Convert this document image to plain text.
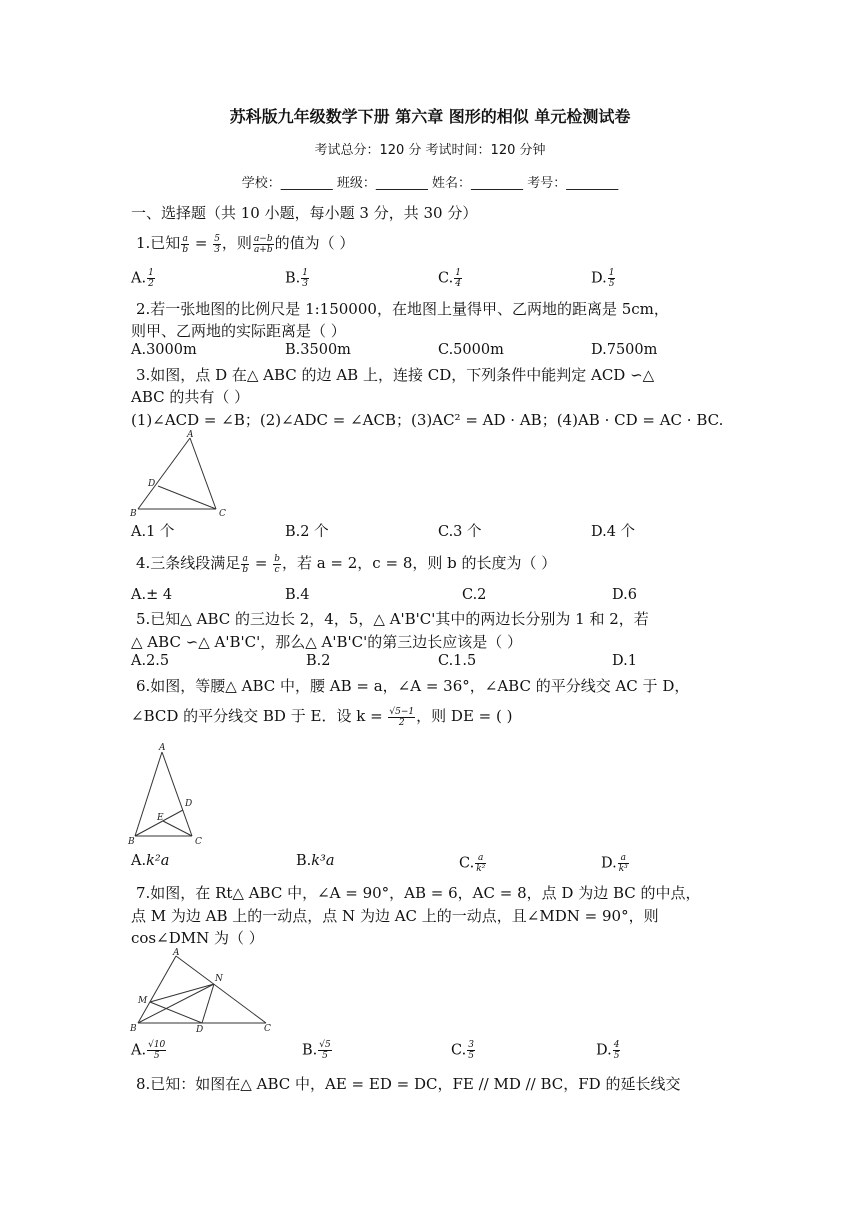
苏科版九年级数学下册 第六章 图形的相似 单元检测试卷
考试总分：120 分 考试时间：120 分钟
学校：________ 班级：________ 姓名：________ 考号：________
一、选择题（共 10 小题，每小题 3 分，共 30 分）
1.已知 $\frac{a}{b} = \frac{5}{3}$ ，则 $\frac{a-b}{a+b}$ 的值为（ ）
A. $\frac{1}{2}$	B. $\frac{1}{3}$	C. $\frac{1}{4}$	D. $\frac{1}{5}$
2.若一张地图的比例尺是 1:150000，在地图上量得甲、乙两地的距离是 5cm，
则甲、乙两地的实际距离是（ ）
A.3000m	B.3500m	C.5000m	D.7500m
3.如图，点 D 在△ ABC 的边 AB 上，连接 CD，下列条件中能判定 ACD ∽△
ABC 的共有（ ）
(1)∠ACD = ∠B；(2)∠ADC = ∠ACB；(3)AC² = AD · AB；(4)AB · CD = AC · BC.
A
B	C
D
A.1 个	B.2 个	C.3 个	D.4 个
4.三条线段满足 $\frac{a}{b} = \frac{b}{c}$ ，若 a = 2，c = 8，则 b 的长度为（ ）
A.± 4	B.4	C.2	D.6
5.已知△ ABC 的三边长 2，4，5，△ A'B'C'其中的两边长分别为 1 和 2，若
△ ABC ∽△ A'B'C'，那么△ A'B'C'的第三边长应该是（ ）
A.2.5	B.2	C.1.5	D.1
6.如图，等腰△ ABC 中，腰 AB = a，∠A = 36°，∠ABC 的平分线交 AC 于 D，
∠BCD 的平分线交 BD 于 E．设 $k = \frac{√5-1}{2}$ ，则 DE = ( )
A
B	C
D
E
A.k²a	B.k³a	C. $\frac{a}{\text{k²}}$	D. $\frac{a}{\text{k³}}$
7.如图，在 Rt△ ABC 中，∠A = 90°，AB = 6，AC = 8，点 D 为边 BC 的中点，
点 M 为边 AB 上的一动点，点 N 为边 AC 上的一动点，且∠MDN = 90°，则
cos∠DMN 为（ ）
A
B	C
D
M
N
A. $\frac{√10}{5}$	B. $\frac{√5}{5}$	C. $\frac{3}{5}$	D. $\frac{4}{5}$
8.已知：如图在△ ABC 中，AE = ED = DC，FE // MD // BC，FD 的延长线交
